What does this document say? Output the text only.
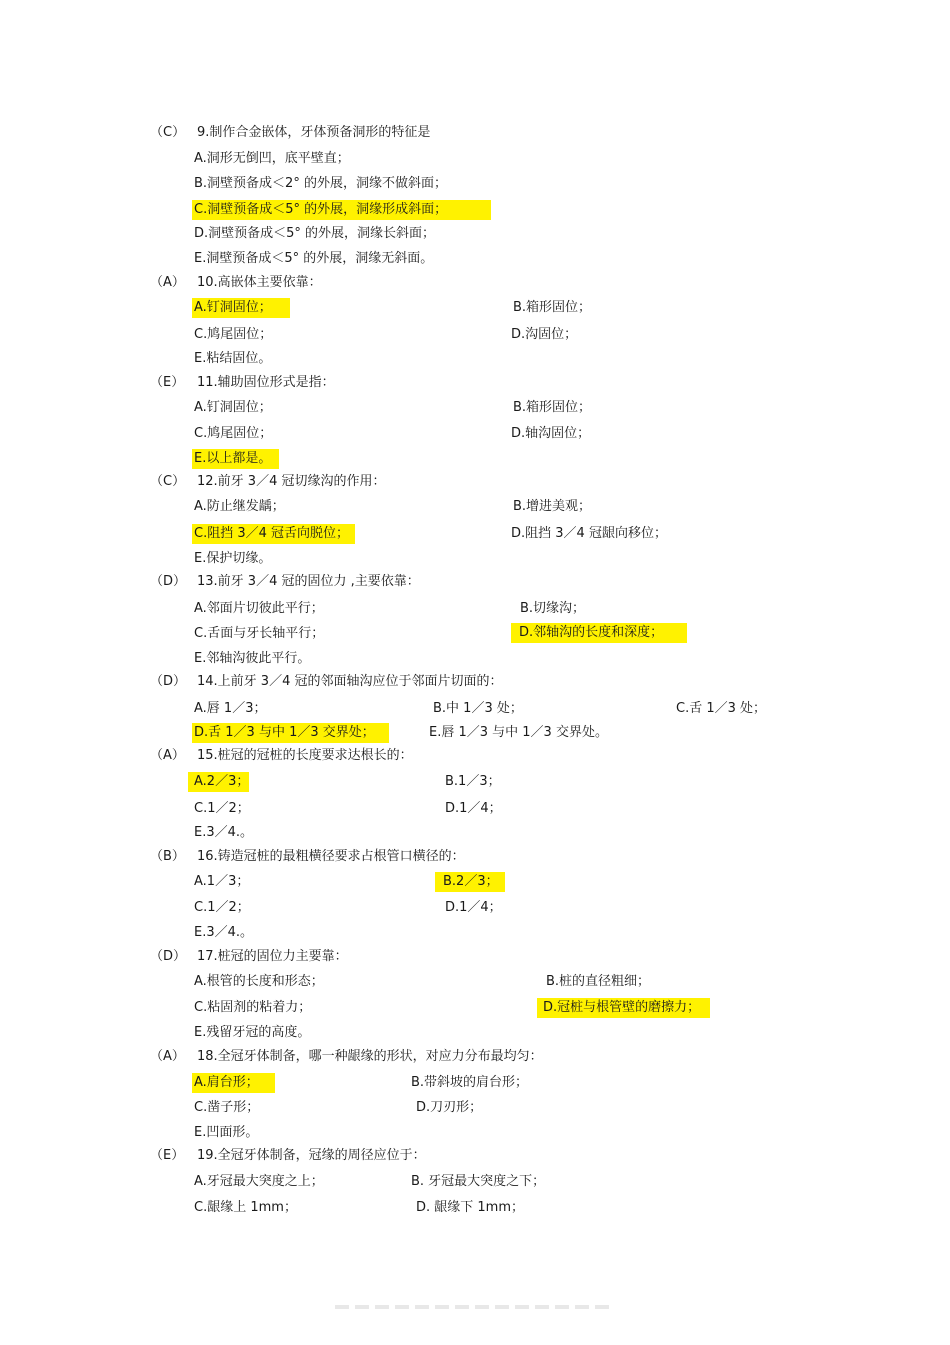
（C） 9.制作合金嵌体，牙体预备洞形的特征是
A.洞形无倒凹，底平壁直；
B.洞壁预备成＜2° 的外展，洞缘不做斜面；
C.洞壁预备成＜5° 的外展，洞缘形成斜面；
D.洞壁预备成＜5° 的外展，洞缘长斜面；
E.洞壁预备成＜5° 的外展，洞缘无斜面。
（A） 10.高嵌体主要依靠：
A.钉洞固位；	B.箱形固位；
C.鸠尾固位；	D.沟固位；
E.粘结固位。
（E） 11.辅助固位形式是指：
A.钉洞固位；	B.箱形固位；
C.鸠尾固位；	D.轴沟固位；
E.以上都是。
（C） 12.前牙 3／4 冠切缘沟的作用：
A.防止继发龋；	B.增进美观；
C.阻挡 3／4 冠舌向脱位；	D.阻挡 3／4 冠龈向移位；
E.保护切缘。
（D） 13.前牙 3／4 冠的固位力 ,主要依靠：
A.邻面片切彼此平行；	B.切缘沟；
C.舌面与牙长轴平行；	D.邻轴沟的长度和深度；
E.邻轴沟彼此平行。
（D） 14.上前牙 3／4 冠的邻面轴沟应位于邻面片切面的：
A.唇 1／3；	B.中 1／3 处；	C.舌 1／3 处；
D.舌 1／3 与中 1／3 交界处；	E.唇 1／3 与中 1／3 交界处。
（A） 15.桩冠的冠桩的长度要求达根长的：
A.2／3；	B.1／3；
C.1／2；	D.1／4；
E.3／4.。
（B） 16.铸造冠桩的最粗横径要求占根管口横径的：
A.1／3；	B.2／3；
C.1／2；	D.1／4；
E.3／4.。
（D） 17.桩冠的固位力主要靠：
A.根管的长度和形态；	B.桩的直径粗细；
C.粘固剂的粘着力；	D.冠桩与根管壁的磨擦力；
E.残留牙冠的高度。
（A） 18.全冠牙体制备，哪一种龈缘的形状，对应力分布最均匀：
A.肩台形；	B.带斜坡的肩台形；
C.凿子形；	D.刀刃形；
E.凹面形。
（E） 19.全冠牙体制备，冠缘的周径应位于：
A.牙冠最大突度之上；	B. 牙冠最大突度之下；
C.龈缘上 1mm；	D. 龈缘下 1mm；
